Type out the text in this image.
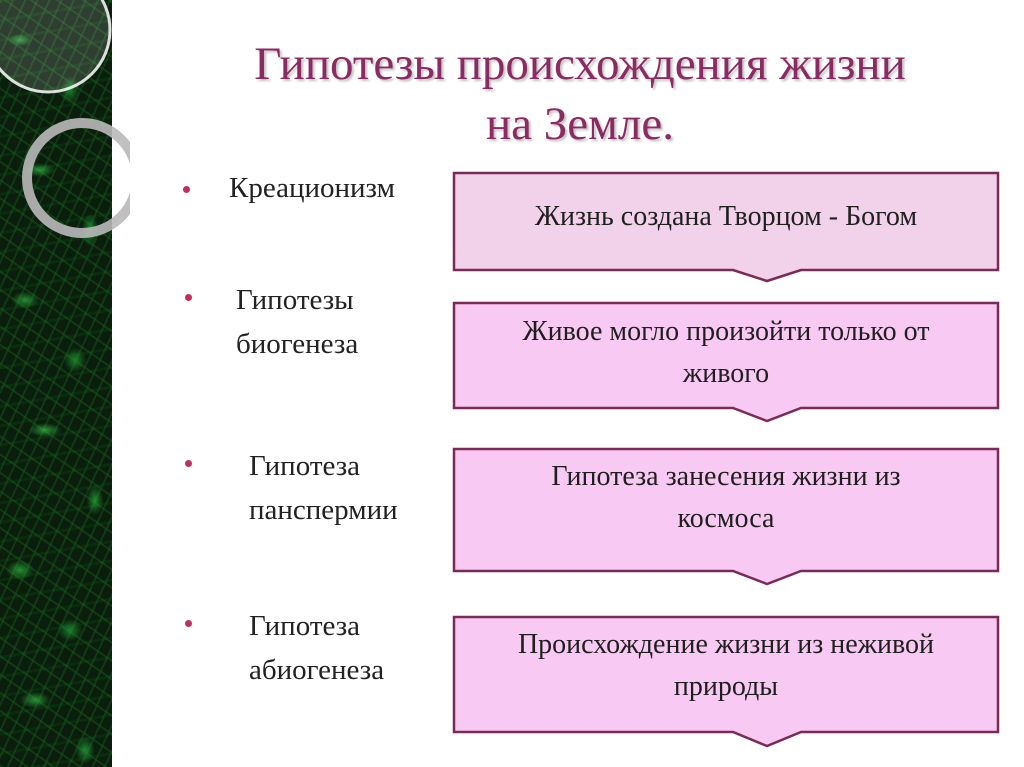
Гипотезы происхождения жизни
на Земле.
Креационизм
Жизнь создана Творцом - Богом
Гипотезы
биогенеза	Живое могло произойти только от
живого
Гипотеза
панспермии
Гипотеза занесения жизни из
космоса
Гипотеза
абиогенеза
Происхождение жизни из неживой
природы
